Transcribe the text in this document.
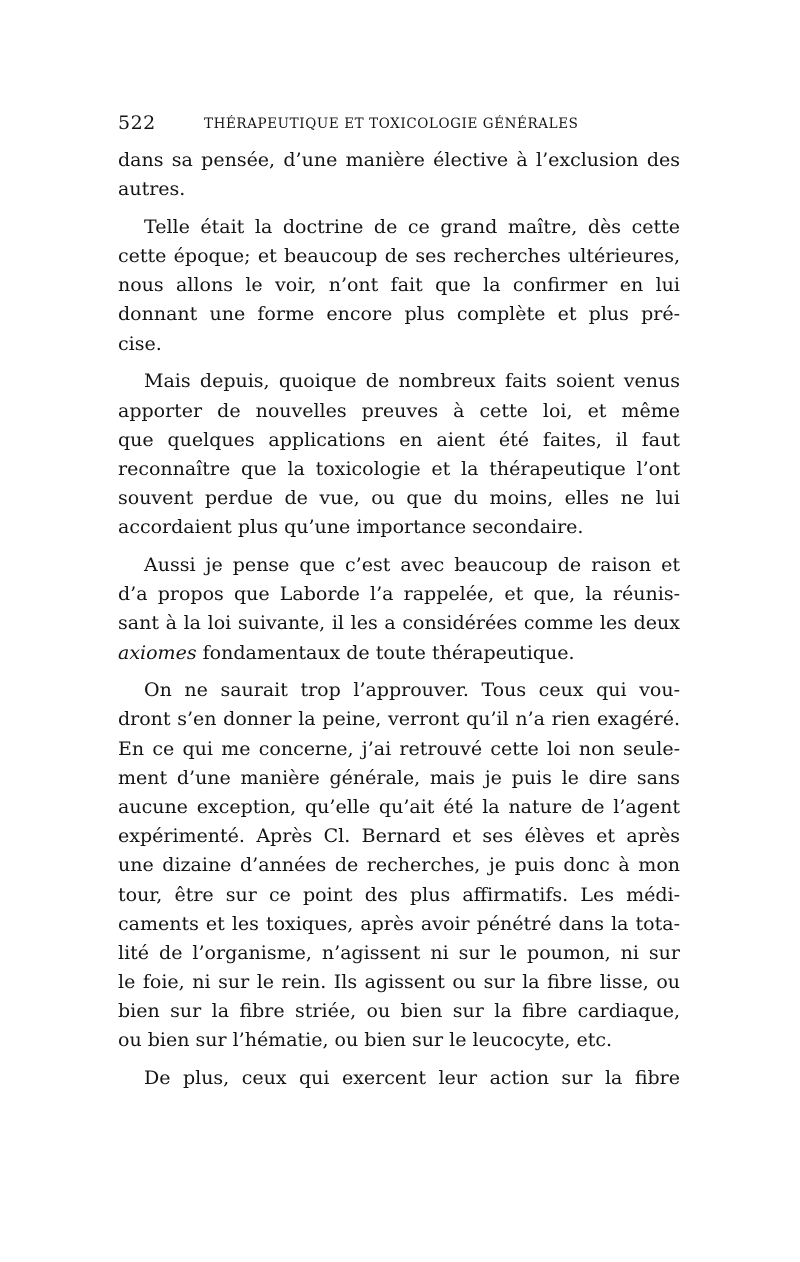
522	THÉRAPEUTIQUE ET TOXICOLOGIE GÉNÉRALES
dans sa pensée, d’une manière élective à l’exclusion des
autres.
Telle était la doctrine de ce grand maître, dès cette
cette époque; et beaucoup de ses recherches ultérieures,
nous allons le voir, n’ont fait que la confirmer en lui
donnant une forme encore plus complète et plus pré-
cise.
Mais depuis, quoique de nombreux faits soient venus
apporter de nouvelles preuves à cette loi, et même
que quelques applications en aient été faites, il faut
reconnaître que la toxicologie et la thérapeutique l’ont
souvent perdue de vue, ou que du moins, elles ne lui
accordaient plus qu’une importance secondaire.
Aussi je pense que c’est avec beaucoup de raison et
d’a propos que Laborde l’a rappelée, et que, la réunis-
sant à la loi suivante, il les a considérées comme les deux
axiomes fondamentaux de toute thérapeutique.
On ne saurait trop l’approuver. Tous ceux qui vou-
dront s’en donner la peine, verront qu’il n’a rien exagéré.
En ce qui me concerne, j’ai retrouvé cette loi non seule-
ment d’une manière générale, mais je puis le dire sans
aucune exception, qu’elle qu’ait été la nature de l’agent
expérimenté. Après Cl. Bernard et ses élèves et après
une dizaine d’années de recherches, je puis donc à mon
tour, être sur ce point des plus affirmatifs. Les médi-
caments et les toxiques, après avoir pénétré dans la tota-
lité de l’organisme, n’agissent ni sur le poumon, ni sur
le foie, ni sur le rein. Ils agissent ou sur la fibre lisse, ou
bien sur la fibre striée, ou bien sur la fibre cardiaque,
ou bien sur l’hématie, ou bien sur le leucocyte, etc.
De plus, ceux qui exercent leur action sur la fibre
